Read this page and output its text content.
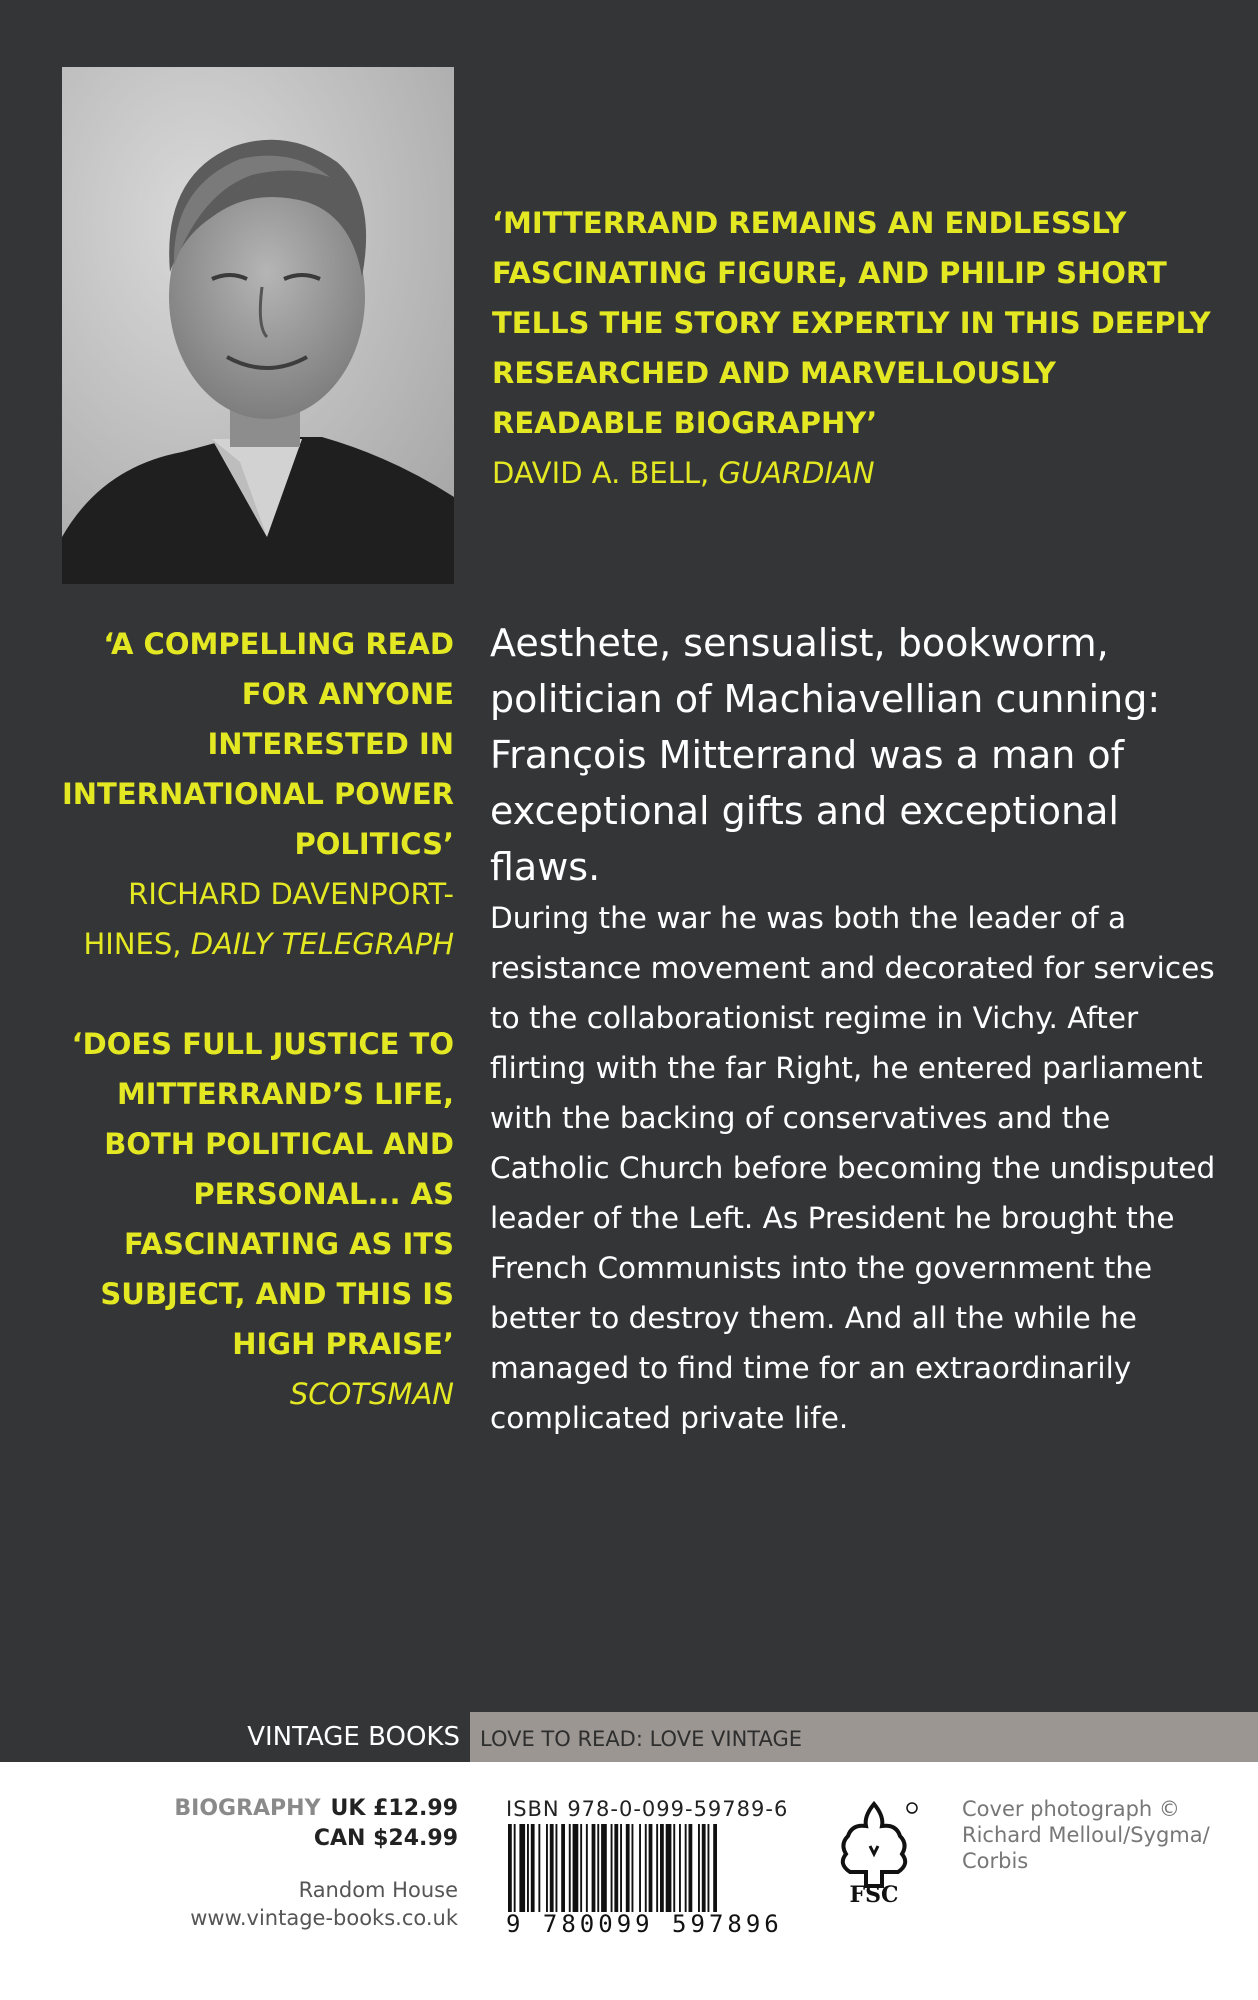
‘MITTERRAND REMAINS AN ENDLESSLY FASCINATING FIGURE, AND PHILIP SHORT TELLS THE STORY EXPERTLY IN THIS DEEPLY RESEARCHED AND MARVELLOUSLY READABLE BIOGRAPHY’
DAVID A. BELL, GUARDIAN
‘A COMPELLING READ FOR ANYONE INTERESTED IN INTERNATIONAL POWER POLITICS’
RICHARD DAVENPORT-HINES, DAILY TELEGRAPH
‘DOES FULL JUSTICE TO MITTERRAND’S LIFE, BOTH POLITICAL AND PERSONAL... AS FASCINATING AS ITS SUBJECT, AND THIS IS HIGH PRAISE’
SCOTSMAN
Aesthete, sensualist, bookworm, politician of Machiavellian cunning: François Mitterrand was a man of exceptional gifts and exceptional flaws.
During the war he was both the leader of a resistance movement and decorated for services to the collaborationist regime in Vichy. After flirting with the far Right, he entered parliament with the backing of conservatives and the Catholic Church before becoming the undisputed leader of the Left. As President he brought the French Communists into the government the better to destroy them. And all the while he managed to find time for an extraordinarily complicated private life.
VINTAGE BOOKS LOVE TO READ: LOVE VINTAGE
BIOGRAPHY UK £12.99
CAN $24.99
Random House
www.vintage-books.co.uk
ISBN 978-0-099-59789-6
9 780099 597896
FSC
Cover photograph © Richard Melloul/Sygma/ Corbis
